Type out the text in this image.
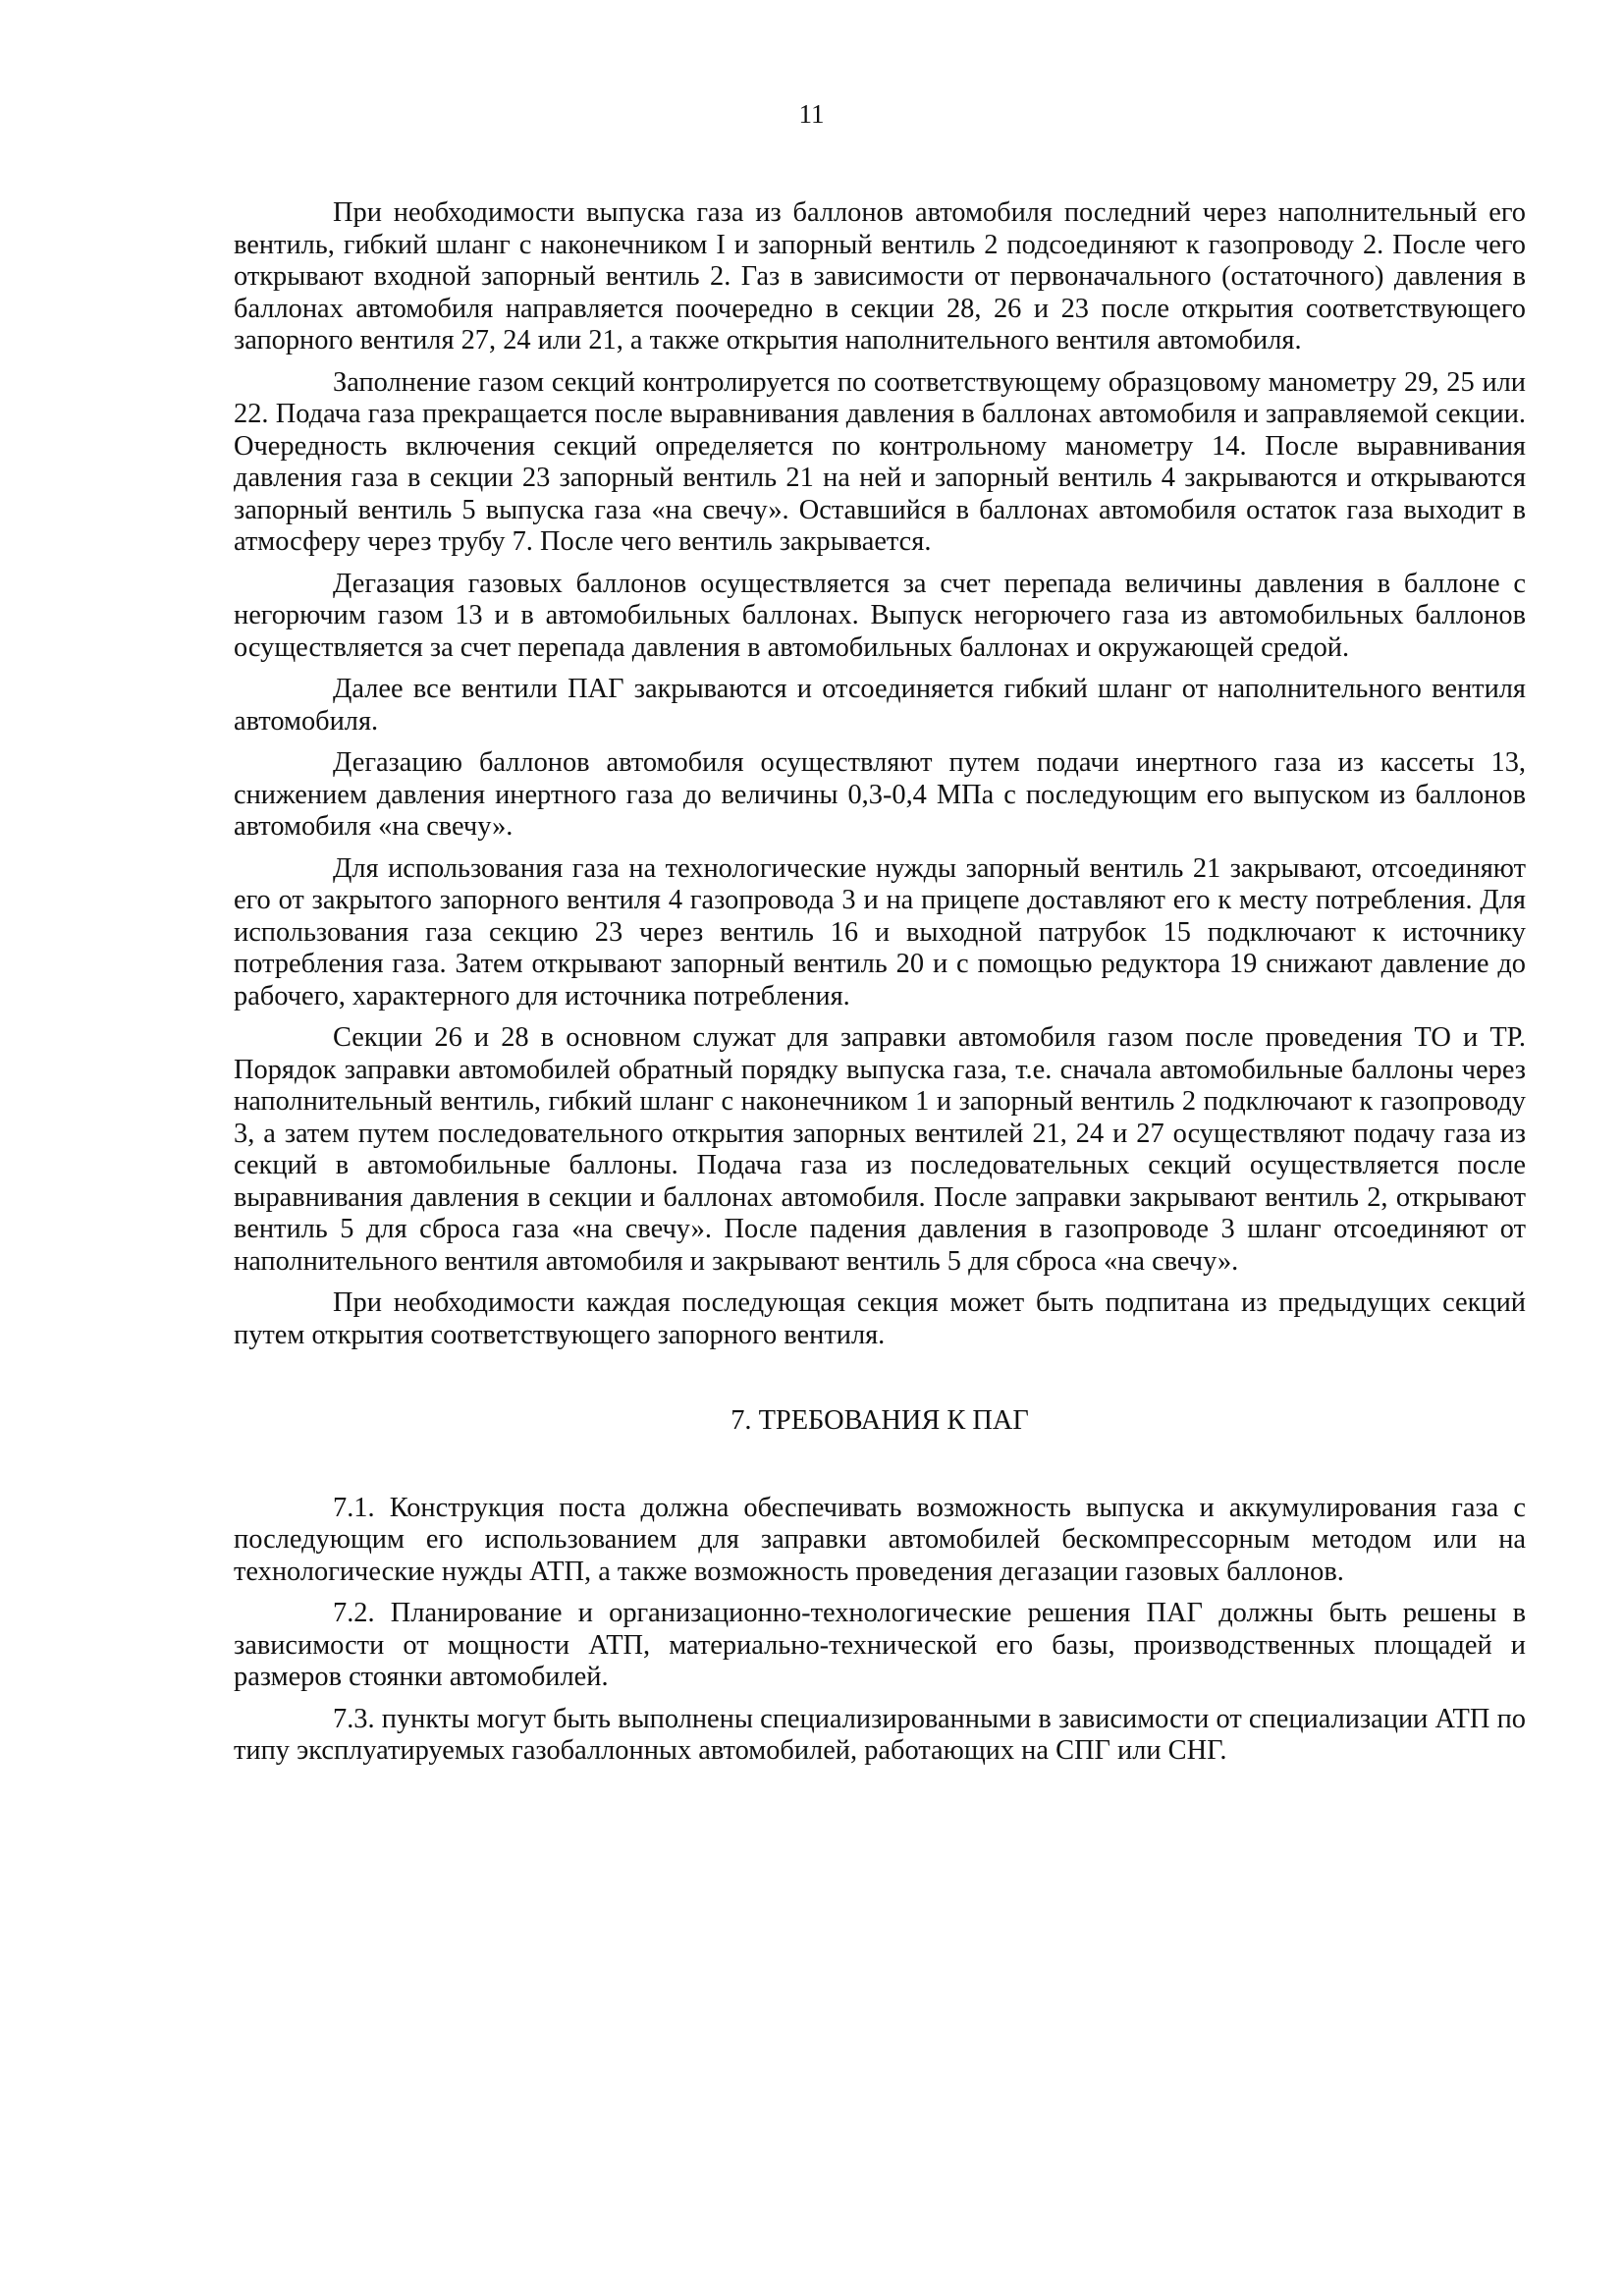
11

При необходимости выпуска газа из баллонов автомобиля последний через наполнительный его вентиль, гибкий шланг с наконечником I и запорный вентиль 2 подсоединяют к газопроводу 2. После чего открывают входной запорный вентиль 2. Газ в зависимости от первоначального (остаточного) давления в баллонах автомобиля направляется поочередно в секции 28, 26 и 23 после открытия соответствующего запорного вентиля 27, 24 или 21, а также открытия наполнительного вентиля автомобиля.

Заполнение газом секций контролируется по соответствующему образцовому манометру 29, 25 или 22. Подача газа прекращается после выравнивания давления в баллонах автомобиля и заправляемой секции. Очередность включения секций определяется по контрольному манометру 14. После выравнивания давления газа в секции 23 запорный вентиль 21 на ней и запорный вентиль 4 закрываются и открываются запорный вентиль 5 выпуска газа «на свечу». Оставшийся в баллонах автомобиля остаток газа выходит в атмосферу через трубу 7. После чего вентиль закрывается.

Дегазация газовых баллонов осуществляется за счет перепада величины давления в баллоне с негорючим газом 13 и в автомобильных баллонах. Выпуск негорючего газа из автомобильных баллонов осуществляется за счет перепада давления в автомобильных баллонах и окружающей средой.

Далее все вентили ПАГ закрываются и отсоединяется гибкий шланг от наполнительного вентиля автомобиля.

Дегазацию баллонов автомобиля осуществляют путем подачи инертного газа из кассеты 13, снижением давления инертного газа до величины 0,3-0,4 МПа с последующим его выпуском из баллонов автомобиля «на свечу».

Для использования газа на технологические нужды запорный вентиль 21 закрывают, отсоединяют его от закрытого запорного вентиля 4 газопровода 3 и на прицепе доставляют его к месту потребления. Для использования газа секцию 23 через вентиль 16 и выходной патрубок 15 подключают к источнику потребления газа. Затем открывают запорный вентиль 20 и с помощью редуктора 19 снижают давление до рабочего, характерного для источника потребления.

Секции 26 и 28 в основном служат для заправки автомобиля газом после проведения ТО и ТР. Порядок заправки автомобилей обратный порядку выпуска газа, т.е. сначала автомобильные баллоны через наполнительный вентиль, гибкий шланг с наконечником 1 и запорный вентиль 2 подключают к газопроводу 3, а затем путем последовательного открытия запорных вентилей 21, 24 и 27 осуществляют подачу газа из секций в автомобильные баллоны. Подача газа из последовательных секций осуществляется после выравнивания давления в секции и баллонах автомобиля. После заправки закрывают вентиль 2, открывают вентиль 5 для сброса газа «на свечу». После падения давления в газопроводе 3 шланг отсоединяют от наполнительного вентиля автомобиля и закрывают вентиль 5 для сброса «на свечу».

При необходимости каждая последующая секция может быть подпитана из предыдущих секций путем открытия соответствующего запорного вентиля.

7. ТРЕБОВАНИЯ К ПАГ

7.1. Конструкция поста должна обеспечивать возможность выпуска и аккумулирования газа с последующим его использованием для заправки автомобилей бескомпрессорным методом или на технологические нужды АТП, а также возможность проведения дегазации газовых баллонов.

7.2. Планирование и организационно-технологические решения ПАГ должны быть решены в зависимости от мощности АТП, материально-технической его базы, производственных площадей и размеров стоянки автомобилей.

7.3. пункты могут быть выполнены специализированными в зависимости от специализации АТП по типу эксплуатируемых газобаллонных автомобилей, работающих на СПГ или СНГ.
